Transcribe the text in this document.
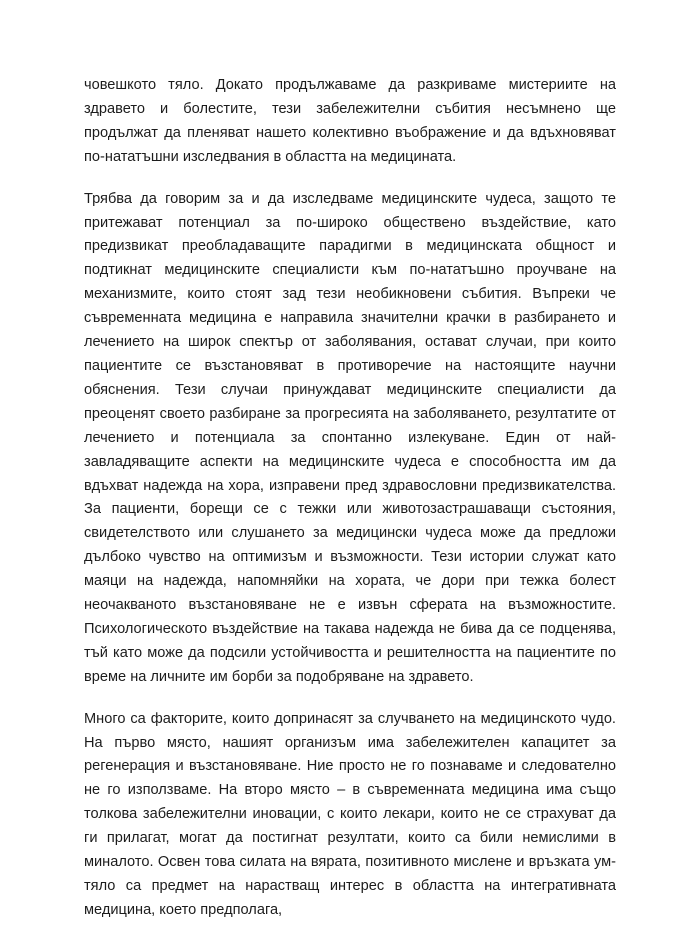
човешкото тяло. Докато продължаваме да разкриваме мистериите на здравето и болестите, тези забележителни събития несъмнено ще продължат да пленяват нашето колективно въображение и да вдъхновяват по-нататъшни изследвания в областта на медицината.

Трябва да говорим за и да изследваме медицинските чудеса, защото те притежават потенциал за по-широко обществено въздействие, като предизвикат преобладаващите парадигми в медицинската общност и подтикнат медицинските специалисти към по-нататъшно проучване на механизмите, които стоят зад тези необикновени събития. Въпреки че съвременната медицина е направила значителни крачки в разбирането и лечението на широк спектър от заболявания, остават случаи, при които пациентите се възстановяват в противоречие на настоящите научни обяснения. Тези случаи принуждават медицинските специалисти да преоценят своето разбиране за прогресията на заболяването, резултатите от лечението и потенциала за спонтанно излекуване. Един от най-завладяващите аспекти на медицинските чудеса е способността им да вдъхват надежда на хора, изправени пред здравословни предизвикателства. За пациенти, борещи се с тежки или животозастрашаващи състояния, свидетелството или слушането за медицински чудеса може да предложи дълбоко чувство на оптимизъм и възможности. Тези истории служат като маяци на надежда, напомняйки на хората, че дори при тежка болест неочакваното възстановяване не е извън сферата на възможностите. Психологическото въздействие на такава надежда не бива да се подценява, тъй като може да подсили устойчивостта и решителността на пациентите по време на личните им борби за подобряване на здравето.

Много са факторите, които допринасят за случването на медицинското чудо. На първо място, нашият организъм има забележителен капацитет за регенерация и възстановяване. Ние просто не го познаваме и следователно не го използваме. На второ място – в съвременната медицина има също толкова забележителни иновации, с които лекари, които не се страхуват да ги прилагат, могат да постигнат резултати, които са били немислими в миналото. Освен това силата на вярата, позитивното мислене и връзката ум-тяло са предмет на нарастващ интерес в областта на интегративната медицина, което предполага,
